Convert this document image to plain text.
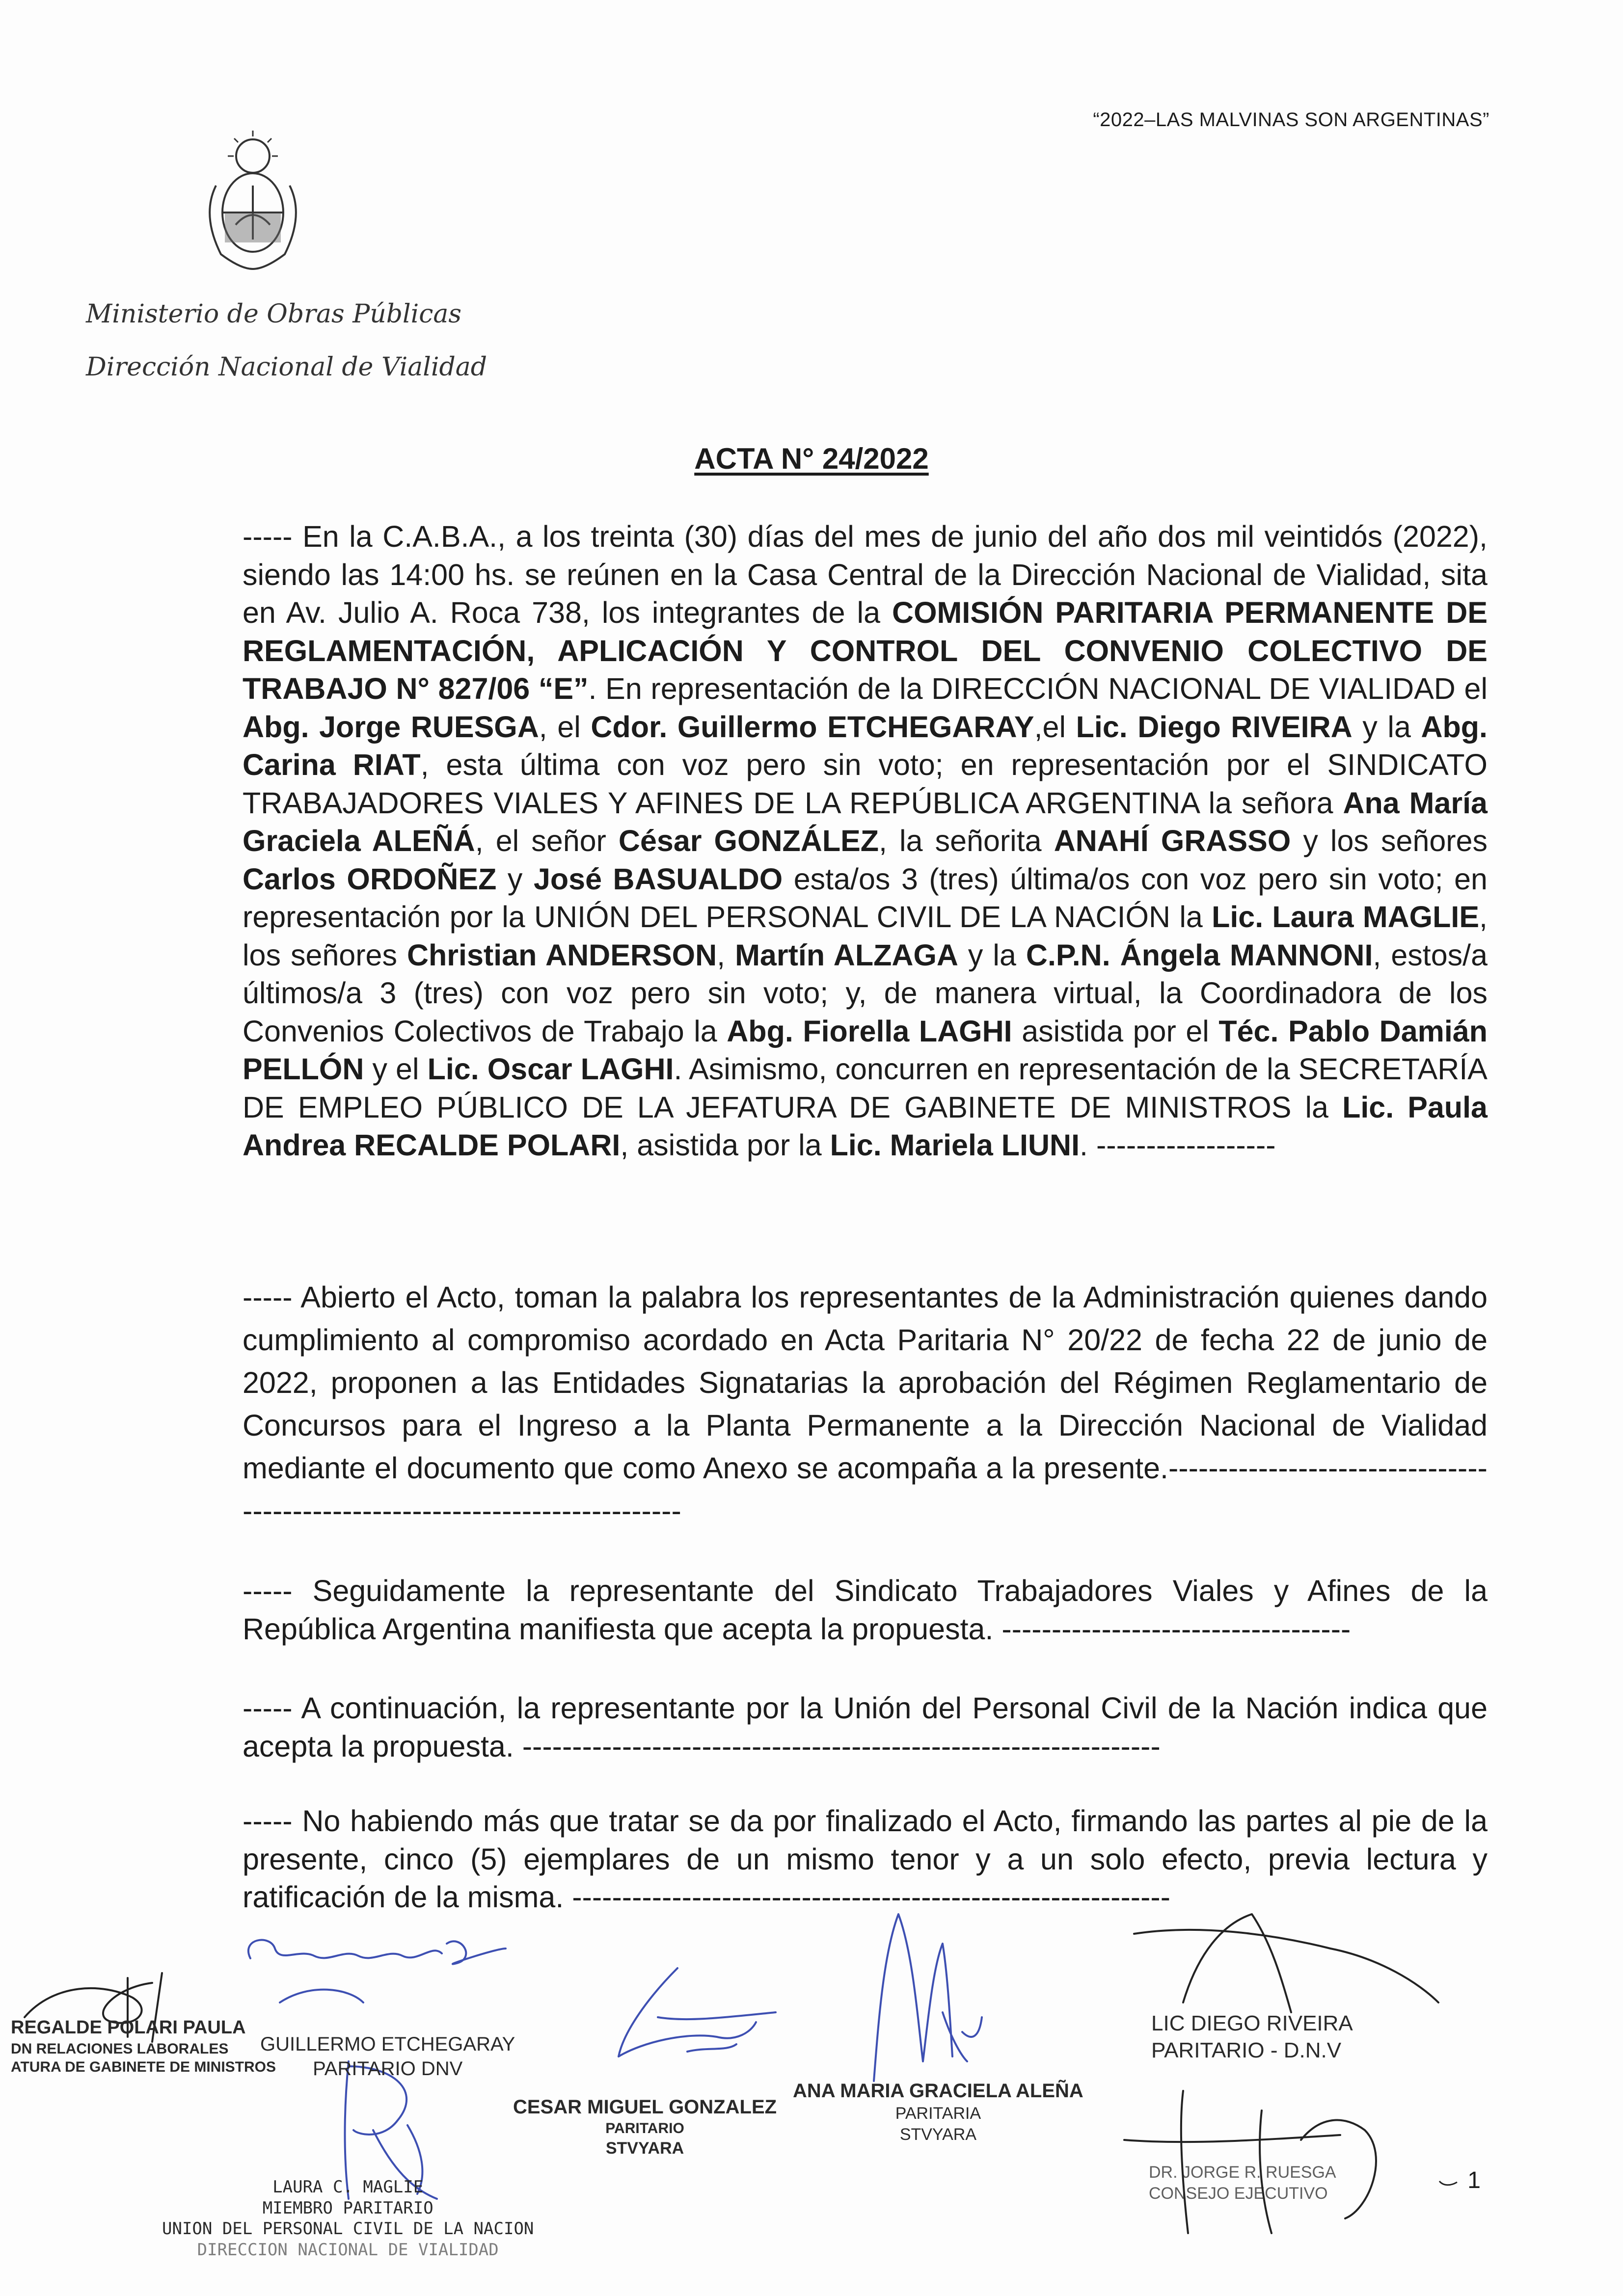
“2022–LAS MALVINAS SON ARGENTINAS”
Ministerio de Obras Públicas
Dirección Nacional de Vialidad
ACTA N° 24/2022

----- En la C.A.B.A., a los treinta (30) días del mes de junio del año dos mil veintidós (2022), siendo las 14:00 hs. se reúnen en la Casa Central de la Dirección Nacional de Vialidad, sita en Av. Julio A. Roca 738, los integrantes de la COMISIÓN PARITARIA PERMANENTE DE REGLAMENTACIÓN, APLICACIÓN Y CONTROL DEL CONVENIO COLECTIVO DE TRABAJO N° 827/06 “E”. En representación de la DIRECCIÓN NACIONAL DE VIALIDAD el Abg. Jorge RUESGA, el Cdor. Guillermo ETCHEGARAY,el Lic. Diego RIVEIRA y la Abg. Carina RIAT, esta última con voz pero sin voto; en representación por el SINDICATO TRABAJADORES VIALES Y AFINES DE LA REPÚBLICA ARGENTINA la señora Ana María Graciela ALEÑÁ, el señor César GONZÁLEZ, la señorita ANAHÍ GRASSO y los señores Carlos ORDOÑEZ y José BASUALDO esta/os 3 (tres) última/os con voz pero sin voto; en representación por la UNIÓN DEL PERSONAL CIVIL DE LA NACIÓN la Lic. Laura MAGLIE, los señores Christian ANDERSON, Martín ALZAGA y la C.P.N. Ángela MANNONI, estos/a últimos/a 3 (tres) con voz pero sin voto; y, de manera virtual, la Coordinadora de los Convenios Colectivos de Trabajo la Abg. Fiorella LAGHI asistida por el Téc. Pablo Damián PELLÓN y el Lic. Oscar LAGHI. Asimismo, concurren en representación de la SECRETARÍA DE EMPLEO PÚBLICO DE LA JEFATURA DE GABINETE DE MINISTROS la Lic. Paula Andrea RECALDE POLARI, asistida por la Lic. Mariela LIUNI. ------------------

----- Abierto el Acto, toman la palabra los representantes de la Administración quienes dando cumplimiento al compromiso acordado en Acta Paritaria N° 20/22 de fecha 22 de junio de 2022, proponen a las Entidades Signatarias la aprobación del Régimen Reglamentario de Concursos para el Ingreso a la Planta Permanente a la Dirección Nacional de Vialidad mediante el documento que como Anexo se acompaña a la presente.----------------------------------------------------------------------------

----- Seguidamente la representante del Sindicato Trabajadores Viales y Afines de la República Argentina manifiesta que acepta la propuesta. -----------------------------------

----- A continuación, la representante por la Unión del Personal Civil de la Nación indica que acepta la propuesta. ----------------------------------------------------------------

----- No habiendo más que tratar se da por finalizado el Acto, firmando las partes al pie de la presente, cinco (5) ejemplares de un mismo tenor y a un solo efecto, previa lectura y ratificación de la misma. ------------------------------------------------------------

REGALDE POLARI PAULA
DN RELACIONES LABORALES
ATURA DE GABINETE DE MINISTROS
GUILLERMO ETCHEGARAY
PARITARIO DNV
CESAR MIGUEL GONZALEZ
PARITARIO
STVYARA
ANA MARIA GRACIELA ALEÑA
PARITARIA
STVYARA
LIC DIEGO RIVEIRA
PARITARIO - D.N.V
DR. JORGE R. RUESGA
CONSEJO EJECUTIVO
LAURA C. MAGLIE
MIEMBRO PARITARIO
UNION DEL PERSONAL CIVIL DE LA NACION
DIRECCION NACIONAL DE VIALIDAD
1
